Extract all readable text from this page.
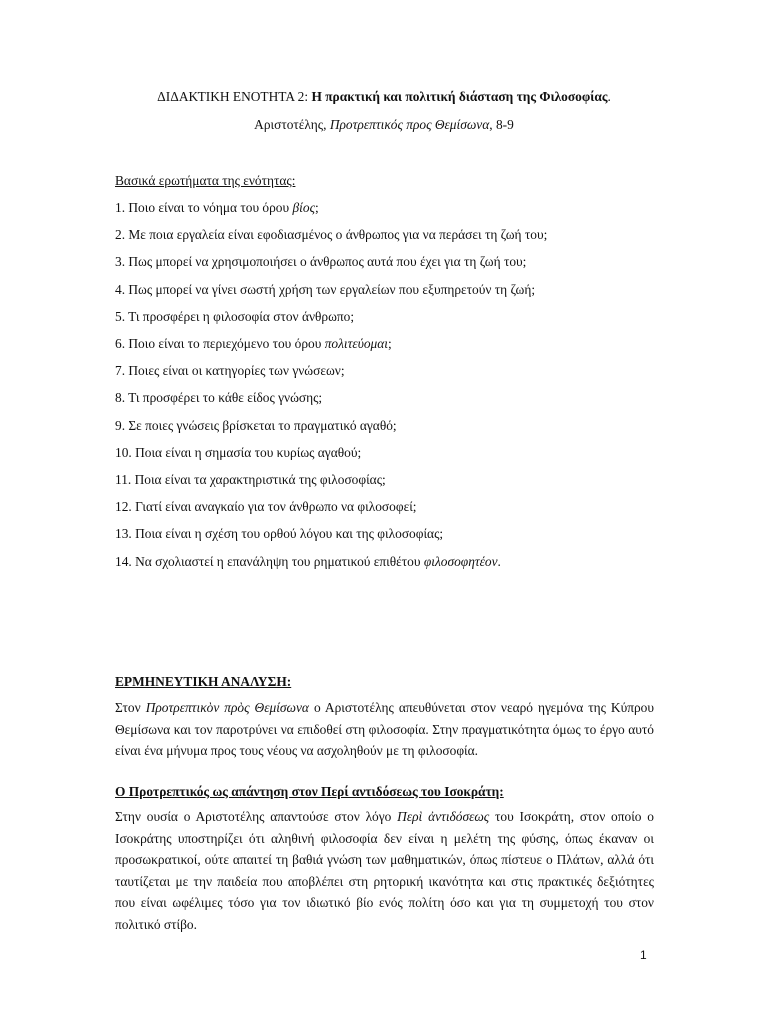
ΔΙΔΑΚΤΙΚΗ ΕΝΟΤΗΤΑ 2: Η πρακτική και πολιτική διάσταση της Φιλοσοφίας.
Αριστοτέλης, Προτρεπτικός προς Θεμίσωνα, 8-9
Βασικά ερωτήματα της ενότητας:
1. Ποιο είναι το νόημα του όρου βίος;
2. Με ποια εργαλεία είναι εφοδιασμένος ο άνθρωπος για να περάσει τη ζωή του;
3. Πως μπορεί να χρησιμοποιήσει ο άνθρωπος αυτά που έχει για τη ζωή του;
4. Πως μπορεί να γίνει σωστή χρήση των εργαλείων που εξυπηρετούν τη ζωή;
5. Τι προσφέρει η φιλοσοφία στον άνθρωπο;
6. Ποιο είναι το περιεχόμενο του όρου πολιτεύομαι;
7. Ποιες είναι οι κατηγορίες των γνώσεων;
8. Τι προσφέρει το κάθε είδος γνώσης;
9. Σε ποιες γνώσεις βρίσκεται το πραγματικό αγαθό;
10. Ποια είναι η σημασία του κυρίως αγαθού;
11. Ποια είναι τα χαρακτηριστικά της φιλοσοφίας;
12. Γιατί είναι αναγκαίο για τον άνθρωπο να φιλοσοφεί;
13. Ποια είναι η σχέση του ορθού λόγου και της φιλοσοφίας;
14. Να σχολιαστεί η επανάληψη του ρηματικού επιθέτου φιλοσοφητέον.
ΕΡΜΗΝΕΥΤΙΚΗ ΑΝΑΛΥΣΗ:
Στον Προτρεπτικὸν πρὸς Θεμίσωνα ο Αριστοτέλης απευθύνεται στον νεαρό ηγεμόνα της Κύπρου Θεμίσωνα και τον παροτρύνει να επιδοθεί στη φιλοσοφία. Στην πραγματικότητα όμως το έργο αυτό είναι ένα μήνυμα προς τους νέους να ασχοληθούν με τη φιλοσοφία.
Ο Προτρεπτικός ως απάντηση στον Περί αντιδόσεως του Ισοκράτη:
Στην ουσία ο Αριστοτέλης απαντούσε στον λόγο Περὶ ἀντιδόσεως του Ισοκράτη, στον οποίο ο Ισοκράτης υποστηρίζει ότι αληθινή φιλοσοφία δεν είναι η μελέτη της φύσης, όπως έκαναν οι προσωκρατικοί, ούτε απαιτεί τη βαθιά γνώση των μαθηματικών, όπως πίστευε ο Πλάτων, αλλά ότι ταυτίζεται με την παιδεία που αποβλέπει στη ρητορική ικανότητα και στις πρακτικές δεξιότητες που είναι ωφέλιμες τόσο για τον ιδιωτικό βίο ενός πολίτη όσο και για τη συμμετοχή του στον πολιτικό στίβο.
1
